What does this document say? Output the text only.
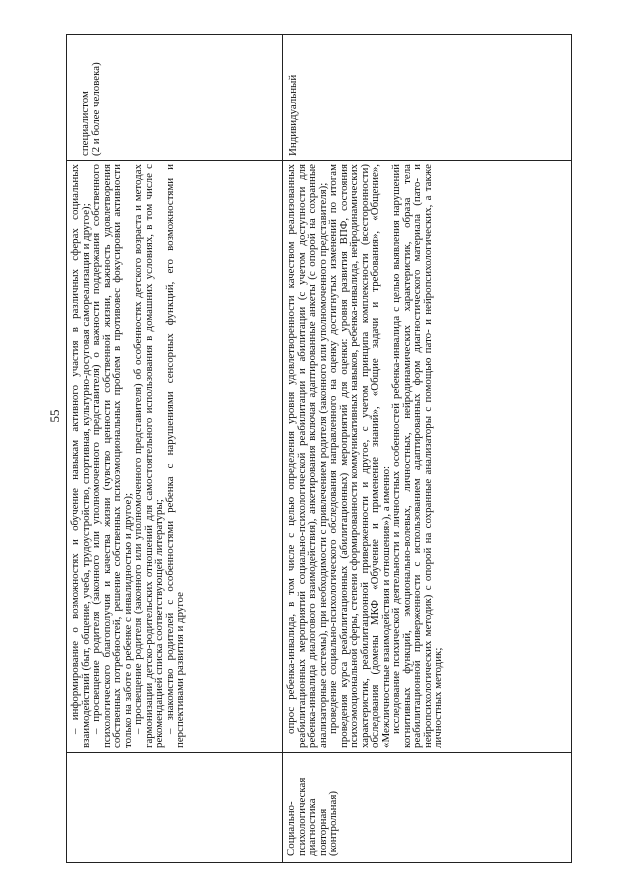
55 – информирование о возможностях и обучение навыкам активного участия в различных сферах социальных взаимодействий (быт, общение, учеба, трудоустройство, спортивная, культурно-досуговая самореализация и другое);

– просвещение родителя (законного или уполномоченного представителя) о важности поддержания собственного психологического благополучия и качества жизни (чувство ценности собственной жизни, важность удовлетворения собственных потребностей, решение собственных психоэмоциональных проблем в противовес фокусировки активности только на заботе о ребенке с инвалидностью и другое);

– просвещение родителя (законного или уполномоченного представителя) об особенностях детского возраста и методах гармонизации детско-родительских отношений для самостоятельного использования в домашних условиях, в том числе с рекомендацией списка соответствующей литературы;

– знакомство родителей с особенностями ребенка с нарушениями сенсорных функций, его возможностями и перспективами развития и другое

специалистом
(2 и более человека)
Социально-
психологическая
диагностика
повторная
(контрольная)

опрос ребенка-инвалида, в том числе с целью определения уровня удовлетворенности качеством реализованных реабилитационных мероприятий социально-психологической реабилитации и абилитации (с учетом доступности для ребенка-инвалида диалогового взаимодействия), анкетирования включая адаптированные анкеты (с опорой на сохранные анализаторные системы), при необходимости с привлечением родителя (законного или уполномоченного представителя);

проведение социально-психологического обследования направленного на оценку достигнутых изменений по итогам проведения курса реабилитационных (абилитационных) мероприятий для оценки: уровня развития ВПФ, состояния психоэмоциональной сферы, степени сформированности коммуникативных навыков, ребенка-инвалида, нейродинамических характеристик, реабилитационной приверженности и другое, с учетом принципа комплексности (всесторонности) обследования (домены МКФ «Обучение и применение знаний», «Общие задачи и требования», «Общение», «Межличностные взаимодействия и отношения»), а именно:

исследование психической деятельности и личностных особенностей ребенка-инвалида с целью выявления нарушений когнитивных функций, эмоционально-волевых, личностных, нейродинамических характеристик, образа тела реабилитационной приверженности с использованием адаптированных форм диагностического материала (пато- и нейропсихологических методик) с опорой на сохранные анализаторы с помощью пато- и нейропсихологических, а также личностных методик;

Индивидуальный
